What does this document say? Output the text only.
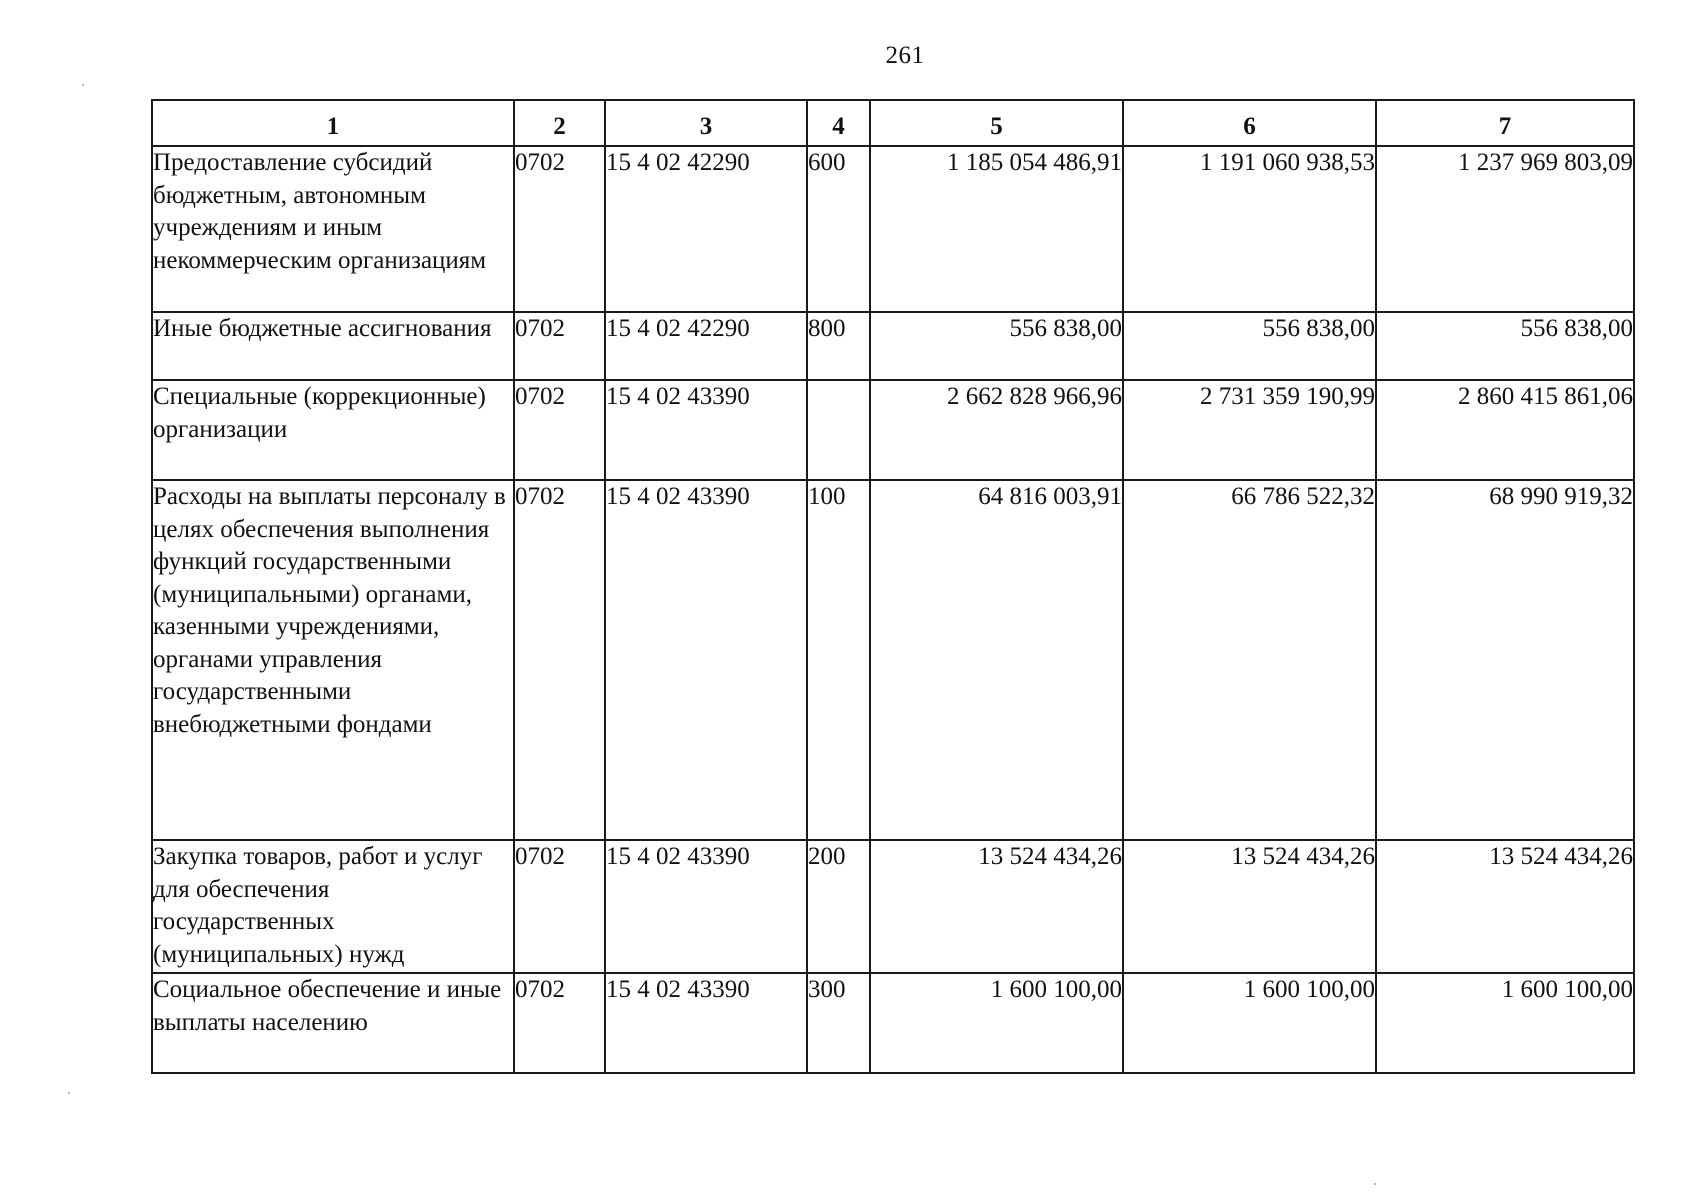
261
1	2	3	4	5	6	7
Предоставление субсидий бюджетным, автономным учреждениям и иным некоммерческим организациям	0702	15 4 02 42290	600	1 185 054 486,91	1 191 060 938,53	1 237 969 803,09
Иные бюджетные ассигнования	0702	15 4 02 42290	800	556 838,00	556 838,00	556 838,00
Специальные (коррекционные) организации	0702	15 4 02 43390		2 662 828 966,96	2 731 359 190,99	2 860 415 861,06
Расходы на выплаты персоналу в целях обеспечения выполнения функций государственными (муниципальными) органами, казенными учреждениями, органами управления государственными внебюджетными фондами	0702	15 4 02 43390	100	64 816 003,91	66 786 522,32	68 990 919,32
Закупка товаров, работ и услуг для обеспечения государственных (муниципальных) нужд	0702	15 4 02 43390	200	13 524 434,26	13 524 434,26	13 524 434,26
Социальное обеспечение и иные выплаты населению	0702	15 4 02 43390	300	1 600 100,00	1 600 100,00	1 600 100,00
